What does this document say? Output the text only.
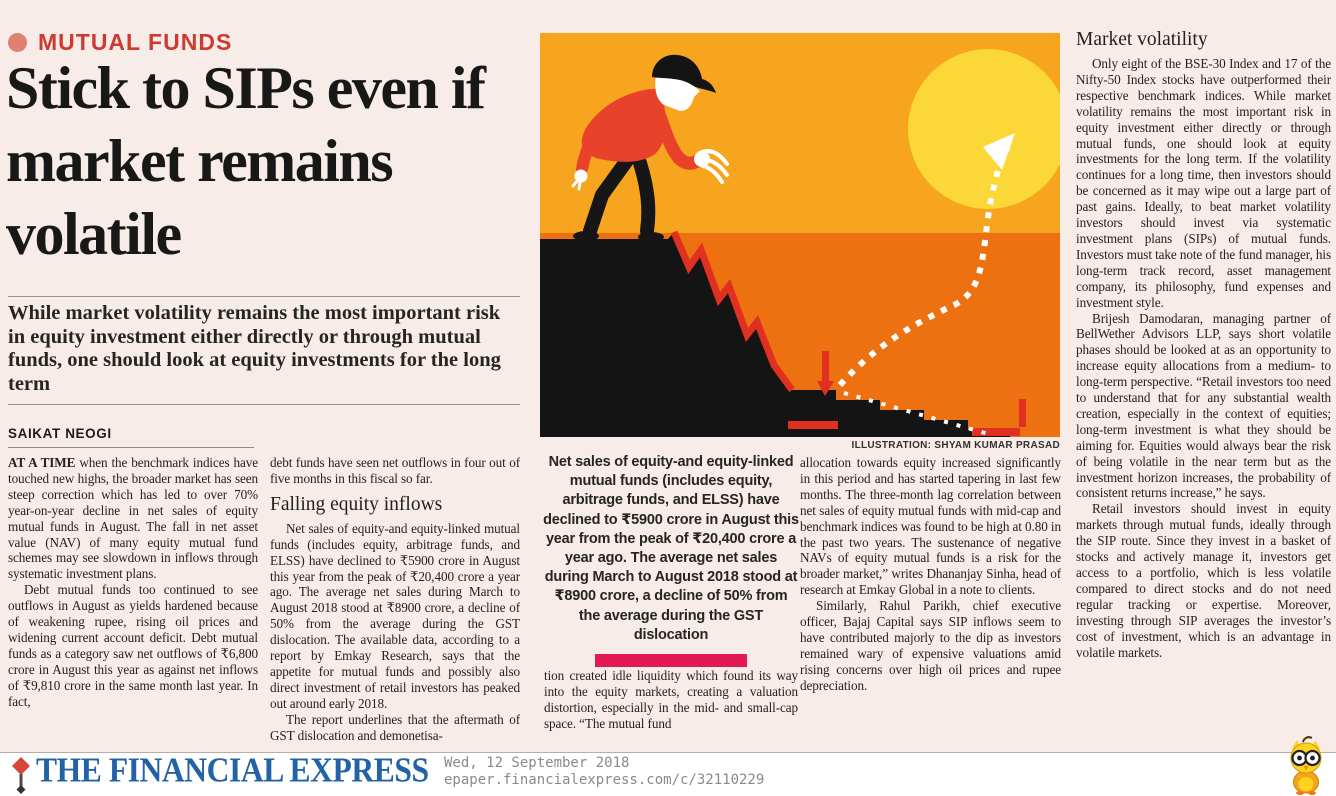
MUTUAL FUNDS
Stick to SIPs even if market remains volatile
While market volatility remains the most important risk in equity investment either directly or through mutual funds, one should look at equity investments for the long term
SAIKAT NEOGI

AT A TIME when the benchmark indices have touched new highs, the broader market has seen steep correction which has led to over 70% year-on-year decline in net sales of equity mutual funds in August. The fall in net asset value (NAV) of many equity mutual fund schemes may see slowdown in inflows through systematic investment plans.

Debt mutual funds too continued to see outflows in August as yields hardened because of weakening rupee, rising oil prices and widening current account deficit. Debt mutual funds as a category saw net outflows of ₹6,800 crore in August this year as against net inflows of ₹9,810 crore in the same month last year. In fact,

debt funds have seen net outflows in four out of five months in this fiscal so far.

Falling equity inflows

Net sales of equity-and equity-linked mutual funds (includes equity, arbitrage funds, and ELSS) have declined to ₹5900 crore in August this year from the peak of ₹20,400 crore a year ago. The average net sales during March to August 2018 stood at ₹8900 crore, a decline of 50% from the average during the GST dislocation. The available data, according to a report by Emkay Research, says that the appetite for mutual funds and possibly also direct investment of retail investors has peaked out around early 2018.

The report underlines that the aftermath of GST dislocation and demonetisa-

ILLUSTRATION: SHYAM KUMAR PRASAD
Net sales of equity-and equity-linked mutual funds (includes equity, arbitrage funds, and ELSS) have declined to ₹5900 crore in August this year from the peak of ₹20,400 crore a year ago. The average net sales during March to August 2018 stood at ₹8900 crore, a decline of 50% from the average during the GST dislocation

tion created idle liquidity which found its way into the equity markets, creating a valuation distortion, especially in the mid- and small-cap space. “The mutual fund

allocation towards equity increased significantly in this period and has started tapering in last few months. The three-month lag correlation between net sales of equity mutual funds with mid-cap and benchmark indices was found to be high at 0.80 in the past two years. The sustenance of negative NAVs of equity mutual funds is a risk for the broader market,” writes Dhananjay Sinha, head of research at Emkay Global in a note to clients.

Similarly, Rahul Parikh, chief executive officer, Bajaj Capital says SIP inflows seem to have contributed majorly to the dip as investors remained wary of expensive valuations amid rising concerns over high oil prices and rupee depreciation.

Market volatility

Only eight of the BSE-30 Index and 17 of the Nifty-50 Index stocks have outperformed their respective benchmark indices. While market volatility remains the most important risk in equity investment either directly or through mutual funds, one should look at equity investments for the long term. If the volatility continues for a long time, then investors should be concerned as it may wipe out a large part of past gains. Ideally, to beat market volatility investors should invest via systematic investment plans (SIPs) of mutual funds. Investors must take note of the fund manager, his long-term track record, asset management company, its philosophy, fund expenses and investment style.

Brijesh Damodaran, managing partner of BellWether Advisors LLP, says short volatile phases should be looked at as an opportunity to increase equity allocations from a medium- to long-term perspective. “Retail investors too need to understand that for any substantial wealth creation, especially in the context of equities; long-term investment is what they should be aiming for. Equities would always bear the risk of being volatile in the near term but as the investment horizon increases, the probability of consistent returns increase,” he says.

Retail investors should invest in equity markets through mutual funds, ideally through the SIP route. Since they invest in a basket of stocks and actively manage it, investors get access to a portfolio, which is less volatile compared to direct stocks and do not need regular tracking or expertise. Moreover, investing through SIP averages the investor’s cost of investment, which is an advantage in volatile markets.

THE FINANCIAL EXPRESS Wed, 12 September 2018
epaper.financialexpress.com/c/32110229
